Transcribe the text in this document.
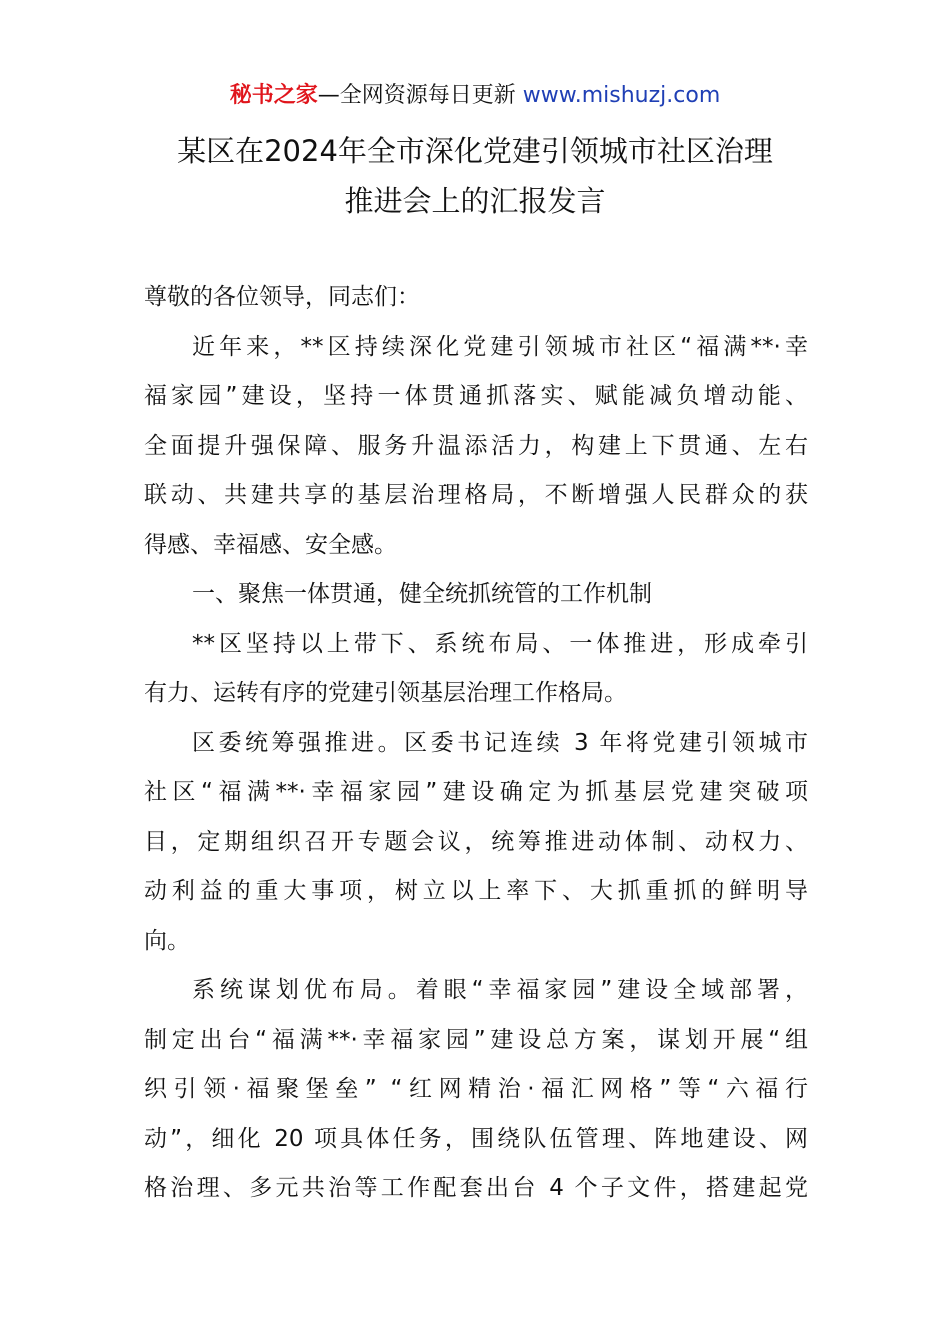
秘书之家—全网资源每日更新 www.mishuzj.com
某区在2024年全市深化党建引领城市社区治理
推进会上的汇报发言
尊敬的各位领导，同志们：
近年来，**区持续深化党建引领城市社区“福满**·幸
福家园”建设，坚持一体贯通抓落实、赋能减负增动能、
全面提升强保障、服务升温添活力，构建上下贯通、左右
联动、共建共享的基层治理格局，不断增强人民群众的获
得感、幸福感、安全感。
一、聚焦一体贯通，健全统抓统管的工作机制
**区坚持以上带下、系统布局、一体推进，形成牵引
有力、运转有序的党建引领基层治理工作格局。
区委统筹强推进。区委书记连续 3 年将党建引领城市
社区“福满**·幸福家园”建设确定为抓基层党建突破项
目，定期组织召开专题会议，统筹推进动体制、动权力、
动利益的重大事项，树立以上率下、大抓重抓的鲜明导
向。
系统谋划优布局。着眼“幸福家园”建设全域部署，
制定出台“福满**·幸福家园”建设总方案，谋划开展“组
织引领·福聚堡垒” “红网精治·福汇网格”等“六福行
动”，细化 20 项具体任务，围绕队伍管理、阵地建设、网
格治理、多元共治等工作配套出台 4 个子文件，搭建起党
